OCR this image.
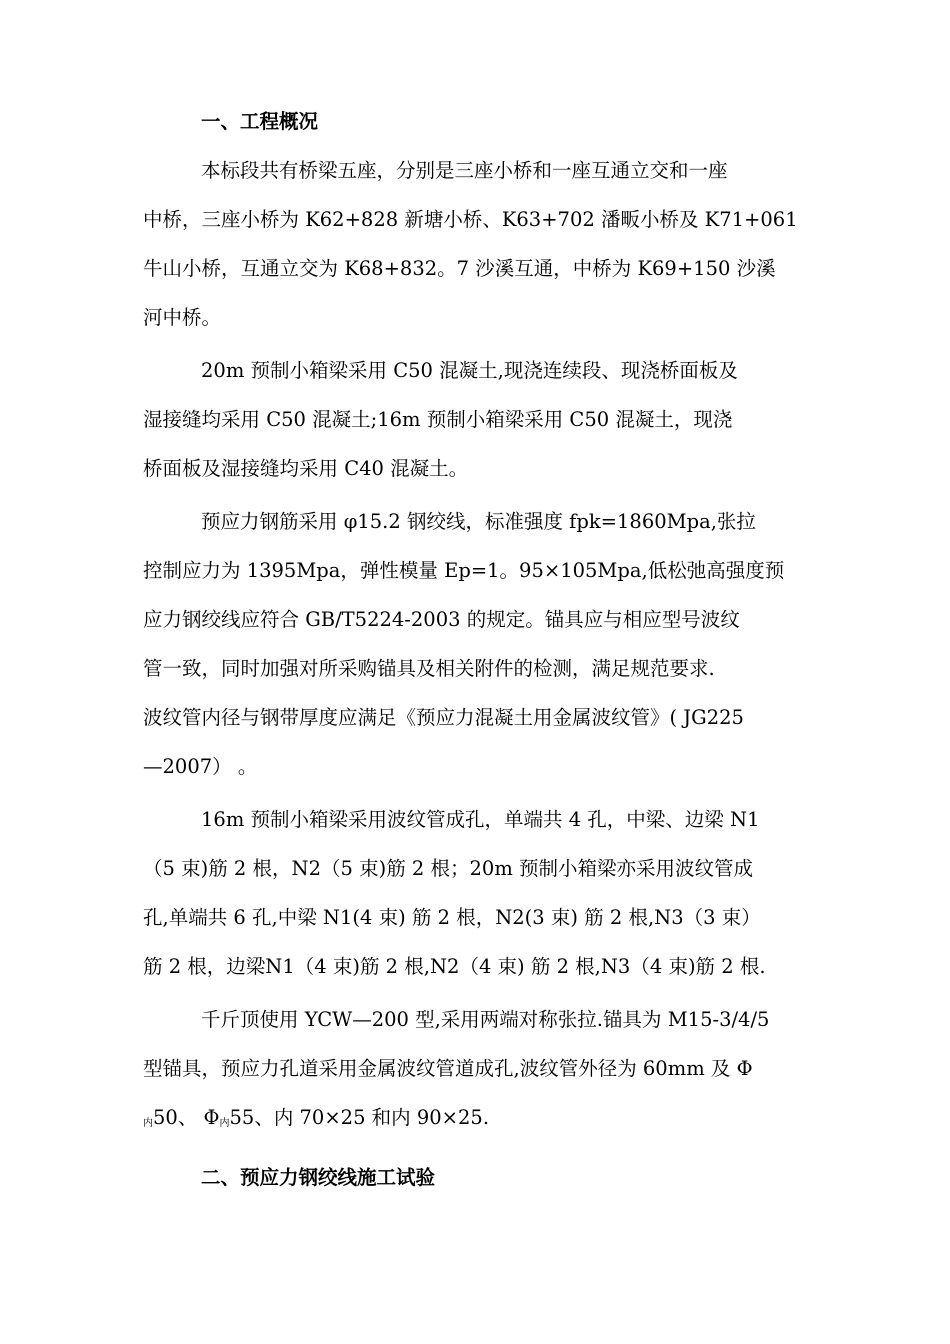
一、工程概况

本标段共有桥梁五座，分别是三座小桥和一座互通立交和一座
中桥，三座小桥为 K62+828 新塘小桥、K63+702 潘畈小桥及 K71+061
牛山小桥，互通立交为 K68+832。7 沙溪互通，中桥为 K69+150 沙溪
河中桥。

20m 预制小箱梁采用 C50 混凝土,现浇连续段、现浇桥面板及
湿接缝均采用 C50 混凝土;16m 预制小箱梁采用 C50 混凝土，现浇
桥面板及湿接缝均采用 C40 混凝土。

预应力钢筋采用 φ15.2 钢绞线，标准强度 fpk=1860Mpa,张拉
控制应力为 1395Mpa，弹性模量 Ep=1。95×105Mpa,低松弛高强度预
应力钢绞线应符合 GB/T5224-2003 的规定。锚具应与相应型号波纹
管一致，同时加强对所采购锚具及相关附件的检测，满足规范要求.
波纹管内径与钢带厚度应满足《预应力混凝土用金属波纹管》( JG225
—2007） 。

16m 预制小箱梁采用波纹管成孔，单端共 4 孔，中梁、边梁 N1
（5 束)筋 2 根，N2（5 束)筋 2 根；20m 预制小箱梁亦采用波纹管成
孔,单端共 6 孔,中梁 N1(4 束) 筋 2 根，N2(3 束) 筋 2 根,N3（3 束）
筋 2 根，边梁N1（4 束)筋 2 根,N2（4 束) 筋 2 根,N3（4 束)筋 2 根.

千斤顶使用 YCW—200 型,采用两端对称张拉.锚具为 M15-3/4/5
型锚具，预应力孔道采用金属波纹管道成孔,波纹管外径为 60mm 及 Φ
$_内$50、 $\Phi_内55$、内 70×25 和内 90×25.

二、预应力钢绞线施工试验
